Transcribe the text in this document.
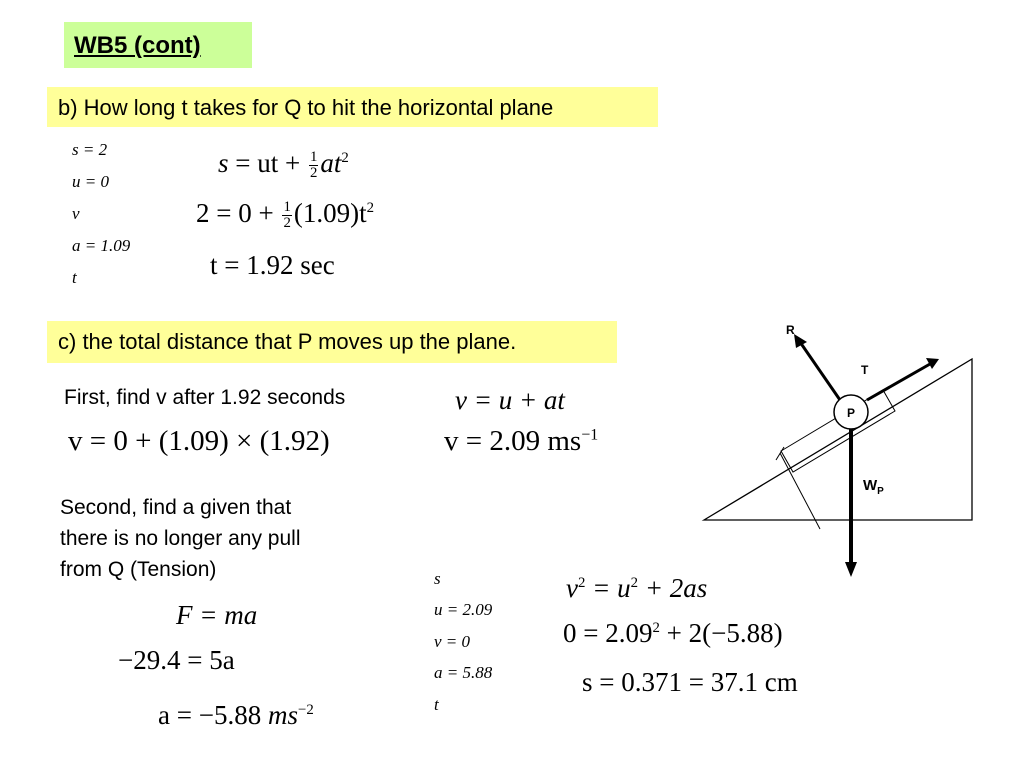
WB5 (cont)
b) How long t takes for Q to hit the horizontal plane
s = 2
u = 0
v
a = 1.09
t
s = ut + $\frac{1}{2} at^2$
$2 = 0 + \frac{1}{2} (1.09)t^2$
t = 1.92 sec
c) the total distance that P moves up the plane.
First, find v after 1.92 seconds	v = u + at
v = 0 + (1.09) × (1.92)	v = 2.09 $ms^{-1}$
Second, find a given that
there is no longer any pull
from Q (Tension)
F = ma
−29.4 = 5a
a = −5.88 $ms^{-2}$
s
u = 2.09
v = 0
a = 5.88
t
$v^2 = u^2 + 2as$
$0 = 2.09^2 + 2(-5.88)$
s = 0.371 = 37.1 cm
P
R
T
$W_P$
